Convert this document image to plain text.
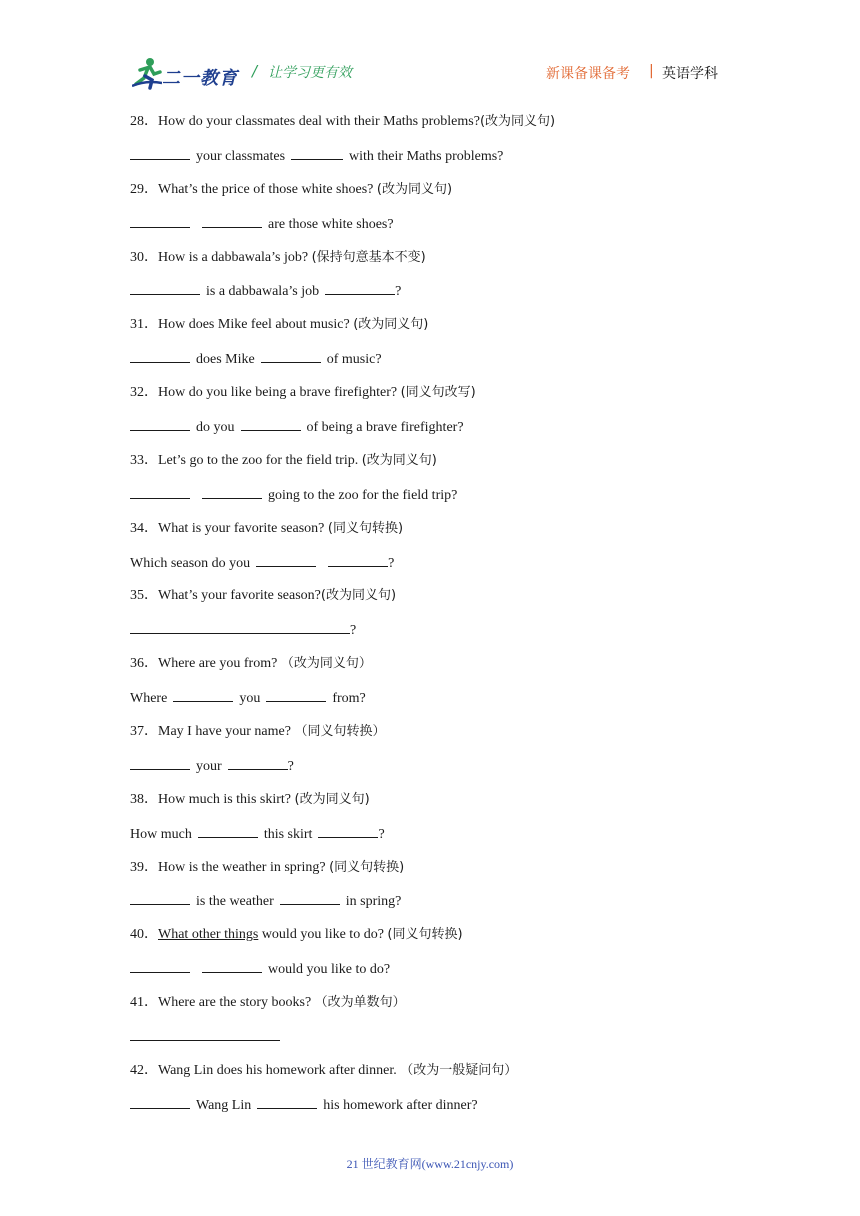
二一教育 / 让学习更有效	新课备课备考 | 英语学科
28．How do your classmates deal with their Maths problems?(改为同义句)
your classmates	with their Maths problems?
29．What’s the price of those white shoes? (改为同义句)
are those white shoes?
30．How is a dabbawala’s job? (保持句意基本不变)
is a dabbawala’s job	?
31．How does Mike feel about music? (改为同义句)
does Mike	of music?
32．How do you like being a brave firefighter? (同义句改写)
do you	of being a brave firefighter?
33．Let’s go to the zoo for the field trip. (改为同义句)
going to the zoo for the field trip?
34．What is your favorite season? (同义句转换)
Which season do you	?
35．What’s your favorite season?(改为同义句)
?
36．Where are you from? （改为同义句）
Where	you	from?
37．May I have your name? （同义句转换）
your	?
38．How much is this skirt? (改为同义句)
How much	this skirt	?
39．How is the weather in spring? (同义句转换)
is the weather	in spring?
40．What other things would you like to do? (同义句转换)
would you like to do?
41．Where are the story books? （改为单数句）
42．Wang Lin does his homework after dinner. （改为一般疑问句）
Wang Lin	his homework after dinner?
21 世纪教育网(www.21cnjy.com)
